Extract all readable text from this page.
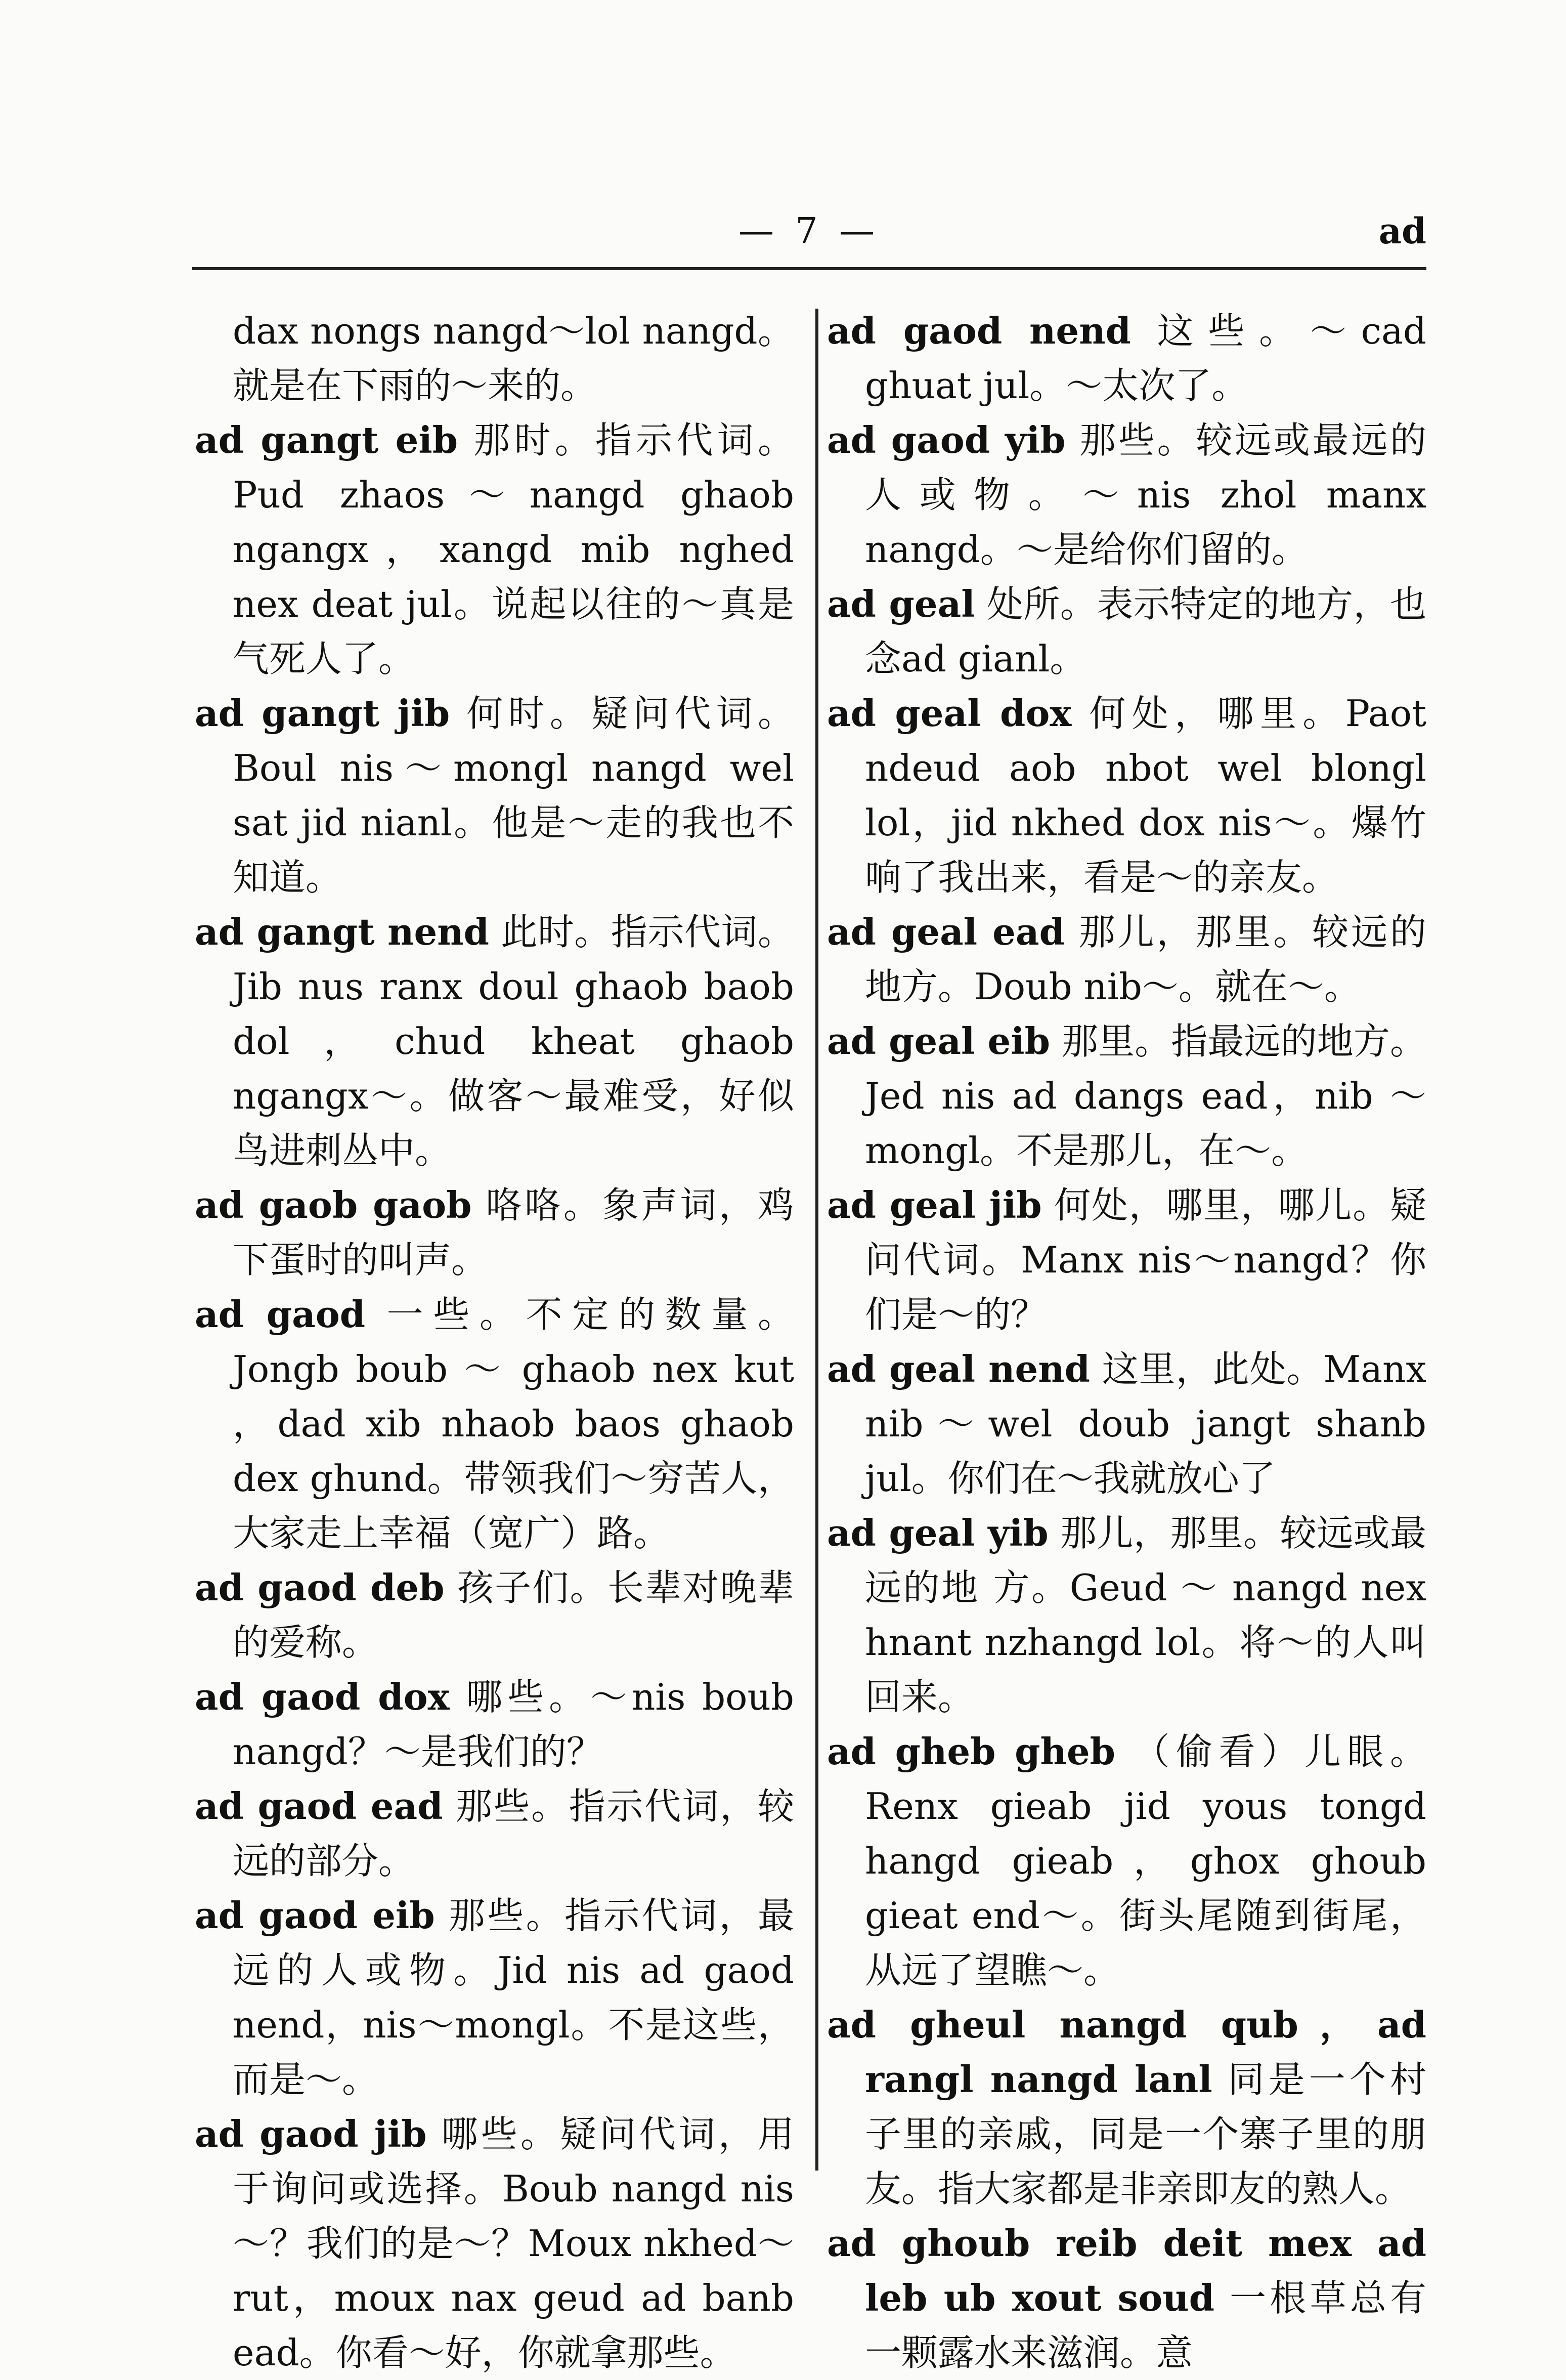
— 7 —	ad

dax nongs nangd～lol nangd。就是在下雨的～来的。

ad gangt eib 那时。指示代词。Pud zhaos～nangd ghaob ngangx，xangd mib nghed nex deat jul。说起以往的～真是气死人了。

ad gangt jib 何时。疑问代词。Boul nis～mongl nangd wel sat jid nianl。他是～走的我也不知道。

ad gangt nend 此时。指示代词。Jib nus ranx doul ghaob baob dol，chud kheat ghaob ngangx～。做客～最难受，好似鸟进刺丛中。

ad gaob gaob 咯咯。象声词，鸡下蛋时的叫声。

ad gaod 一些。不定的数量。Jongb boub ～ ghaob nex kut ，dad xib nhaob baos ghaob dex ghund。带领我们～穷苦人，大家走上幸福（宽广）路。

ad gaod deb 孩子们。长辈对晚辈的爱称。

ad gaod dox 哪些。～nis boub nangd？～是我们的？

ad gaod ead 那些。指示代词，较远的部分。

ad gaod eib 那些。指示代词，最远的人或物。Jid nis ad gaod nend，nis～mongl。不是这些，而是～。

ad gaod jib 哪些。疑问代词，用于询问或选择。Boub nangd nis～？我们的是～？Moux nkhed～rut，moux nax geud ad banb ead。你看～好，你就拿那些。

ad gaod nend 这些。～cad ghuat jul。～太次了。

ad gaod yib 那些。较远或最远的人或物。～nis zhol manx nangd。～是给你们留的。

ad geal 处所。表示特定的地方，也念ad gianl。

ad geal dox 何处，哪里。Paot ndeud aob nbot wel blongl lol，jid nkhed dox nis～。爆竹响了我出来，看是～的亲友。

ad geal ead 那儿，那里。较远的地方。Doub nib～。就在～。

ad geal eib 那里。指最远的地方。Jed nis ad dangs ead，nib ～mongl。不是那儿，在～。

ad geal jib 何处，哪里，哪儿。疑问代词。Manx nis～nangd？你们是～的？

ad geal nend 这里，此处。Manx nib～wel doub jangt shanb jul。你们在～我就放心了

ad geal yib 那儿，那里。较远或最远的地 方。Geud ～ nangd nex hnant nzhangd lol。将～的人叫回来。

ad gheb gheb （偷看）儿眼。Renx gieab jid yous tongd hangd gieab，ghox ghoub gieat end～。街头尾随到街尾，从远了望瞧～。

ad gheul nangd qub，ad rangl nangd lanl 同是一个村子里的亲戚，同是一个寨子里的朋友。指大家都是非亲即友的熟人。

ad ghoub reib deit mex ad leb ub xout soud 一根草总有一颗露水来滋润。意
